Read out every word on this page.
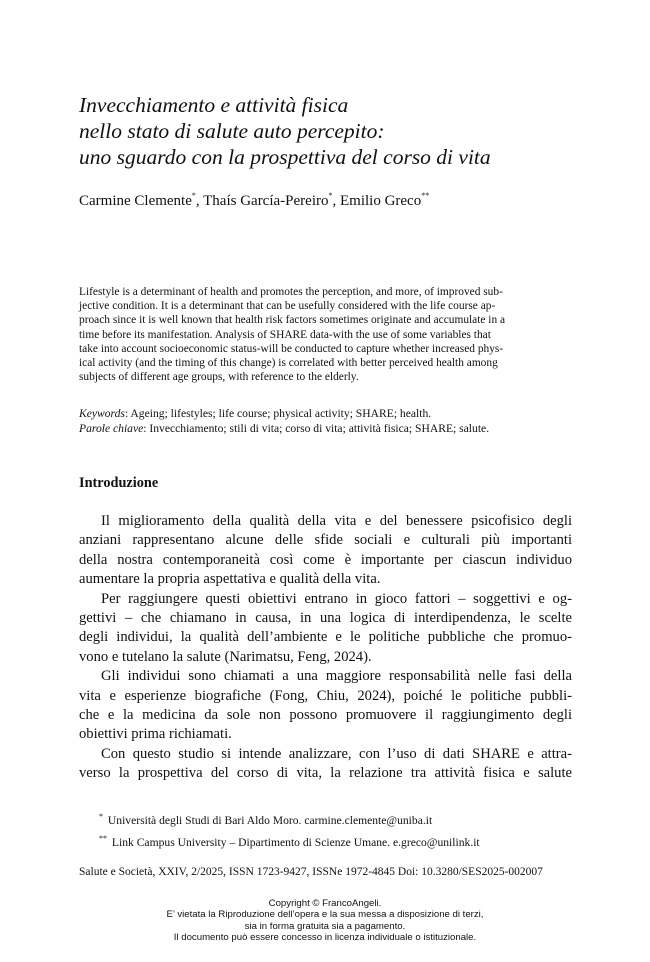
Invecchiamento e attività fisica
nello stato di salute auto percepito:
uno sguardo con la prospettiva del corso di vita

Carmine Clemente*, Thaís García-Pereiro*, Emilio Greco**

Lifestyle is a determinant of health and promotes the perception, and more, of improved sub-
jective condition. It is a determinant that can be usefully considered with the life course ap-
proach since it is well known that health risk factors sometimes originate and accumulate in a
time before its manifestation. Analysis of SHARE data-with the use of some variables that
take into account socioeconomic status-will be conducted to capture whether increased phys-
ical activity (and the timing of this change) is correlated with better perceived health among
subjects of different age groups, with reference to the elderly.
Keywords: Ageing; lifestyles; life course; physical activity; SHARE; health.
Parole chiave: Invecchiamento; stili di vita; corso di vita; attività fisica; SHARE; salute.
Introduzione
Il miglioramento della qualità della vita e del benessere psicofisico degli
anziani rappresentano alcune delle sfide sociali e culturali più importanti
della nostra contemporaneità così come è importante per ciascun individuo
aumentare la propria aspettativa e qualità della vita.
Per raggiungere questi obiettivi entrano in gioco fattori – soggettivi e og-
gettivi – che chiamano in causa, in una logica di interdipendenza, le scelte
degli individui, la qualità dell’ambiente e le politiche pubbliche che promuo-
vono e tutelano la salute (Narimatsu, Feng, 2024).
Gli individui sono chiamati a una maggiore responsabilità nelle fasi della
vita e esperienze biografiche (Fong, Chiu, 2024), poiché le politiche pubbli-
che e la medicina da sole non possono promuovere il raggiungimento degli
obiettivi prima richiamati.
Con questo studio si intende analizzare, con l’uso di dati SHARE e attra-
verso la prospettiva del corso di vita, la relazione tra attività fisica e salute
* Università degli Studi di Bari Aldo Moro. carmine.clemente@uniba.it
** Link Campus University – Dipartimento di Scienze Umane. e.greco@unilink.it

Salute e Società, XXIV, 2/2025, ISSN 1723-9427, ISSNe 1972-4845 Doi: 10.3280/SES2025-002007

Copyright © FrancoAngeli.
E’ vietata la Riproduzione dell’opera e la sua messa a disposizione di terzi,
sia in forma gratuita sia a pagamento.
Il documento può essere concesso in licenza individuale o istituzionale.
